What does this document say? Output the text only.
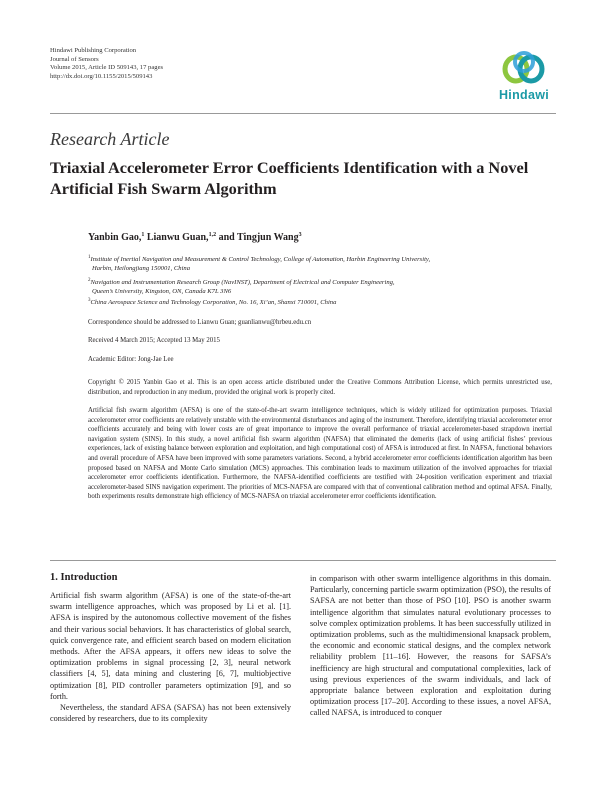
Hindawi Publishing Corporation
Journal of Sensors
Volume 2015, Article ID 509143, 17 pages
http://dx.doi.org/10.1155/2015/509143
Hindawi
Research Article
Triaxial Accelerometer Error Coefficients Identification with a Novel Artificial Fish Swarm Algorithm
Yanbin Gao,$^1$ Lianwu Guan,$^{1,2}$ and Tingjun Wang$^3$
$^1$Institute of Inertial Navigation and Measurement & Control Technology, College of Automation, Harbin Engineering University,
Harbin, Heilongjiang 150001, China
$^2$Navigation and Instrumentation Research Group (NavINST), Department of Electrical and Computer Engineering,
Queen’s University, Kingston, ON, Canada K7L 3N6
$^3$China Aerospace Science and Technology Corporation, No. 16, Xi’an, Shanxi 710001, China
Correspondence should be addressed to Lianwu Guan; guanlianwu@hrbeu.edu.cn
Received 4 March 2015; Accepted 13 May 2015
Academic Editor: Jong-Jae Lee
Copyright © 2015 Yanbin Gao et al. This is an open access article distributed under the Creative Commons Attribution License, which permits unrestricted use, distribution, and reproduction in any medium, provided the original work is properly cited.
Artificial fish swarm algorithm (AFSA) is one of the state-of-the-art swarm intelligence techniques, which is widely utilized for optimization purposes. Triaxial accelerometer error coefficients are relatively unstable with the environmental disturbances and aging of the instrument. Therefore, identifying triaxial accelerometer error coefficients accurately and being with lower costs are of great importance to improve the overall performance of triaxial accelerometer-based strapdown inertial navigation system (SINS). In this study, a novel artificial fish swarm algorithm (NAFSA) that eliminated the demerits (lack of using artificial fishes’ previous experiences, lack of existing balance between exploration and exploitation, and high computational cost) of AFSA is introduced at first. In NAFSA, functional behaviors and overall procedure of AFSA have been improved with some parameters variations. Second, a hybrid accelerometer error coefficients identification algorithm has been proposed based on NAFSA and Monte Carlo simulation (MCS) approaches. This combination leads to maximum utilization of the involved approaches for triaxial accelerometer error coefficients identification. Furthermore, the NAFSA-identified coefficients are testified with 24-position verification experiment and triaxial accelerometer-based SINS navigation experiment. The priorities of MCS-NAFSA are compared with that of conventional calibration method and optimal AFSA. Finally, both experiments results demonstrate high efficiency of MCS-NAFSA on triaxial accelerometer error coefficients identification.
1. Introduction

Artificial fish swarm algorithm (AFSA) is one of the state-of-the-art swarm intelligence approaches, which was proposed by Li et al. [1]. AFSA is inspired by the autonomous collective movement of the fishes and their various social behaviors. It has characteristics of global search, quick convergence rate, and efficient search based on modern elicitation methods. After the AFSA appears, it offers new ideas to solve the optimization problems in signal processing [2, 3], neural network classifiers [4, 5], data mining and clustering [6, 7], multiobjective optimization [8], PID controller parameters optimization [9], and so forth.

Nevertheless, the standard AFSA (SAFSA) has not been extensively considered by researchers, due to its complexity

in comparison with other swarm intelligence algorithms in this domain. Particularly, concerning particle swarm optimization (PSO), the results of SAFSA are not better than those of PSO [10]. PSO is another swarm intelligence algorithm that simulates natural evolutionary processes to solve complex optimization problems. It has been successfully utilized in optimization problems, such as the multidimensional knapsack problem, the economic and economic statical designs, and the complex network reliability problem [11–16]. However, the reasons for SAFSA’s inefficiency are high structural and computational complexities, lack of using previous experiences of the swarm individuals, and lack of appropriate balance between exploration and exploitation during optimization process [17–20]. According to these issues, a novel AFSA, called NAFSA, is introduced to conquer
